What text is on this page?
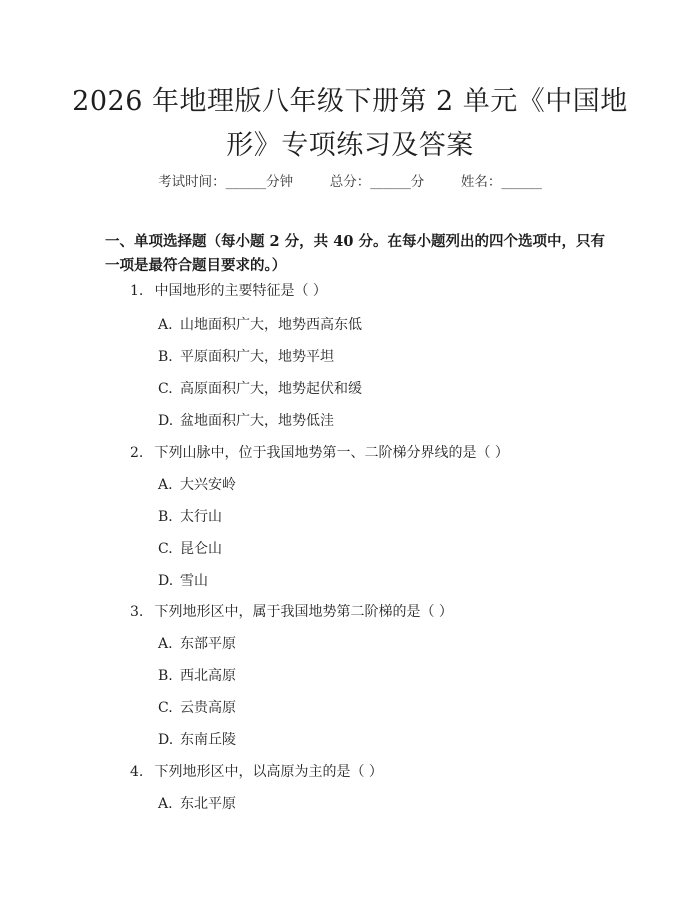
2026 年地理版八年级下册第 2 单元《中国地形》专项练习及答案
考试时间：______分钟	总分：______分	姓名：______
一、单项选择题（每小题 2 分，共 40 分。在每小题列出的四个选项中，只有一项是最符合题目要求的。）
1. 中国地形的主要特征是（ ）
A. 山地面积广大，地势西高东低
B. 平原面积广大，地势平坦
C. 高原面积广大，地势起伏和缓
D. 盆地面积广大，地势低洼
2. 下列山脉中，位于我国地势第一、二阶梯分界线的是（ ）
A. 大兴安岭
B. 太行山
C. 昆仑山
D. 雪山
3. 下列地形区中，属于我国地势第二阶梯的是（ ）
A. 东部平原
B. 西北高原
C. 云贵高原
D. 东南丘陵
4. 下列地形区中，以高原为主的是（ ）
A. 东北平原
